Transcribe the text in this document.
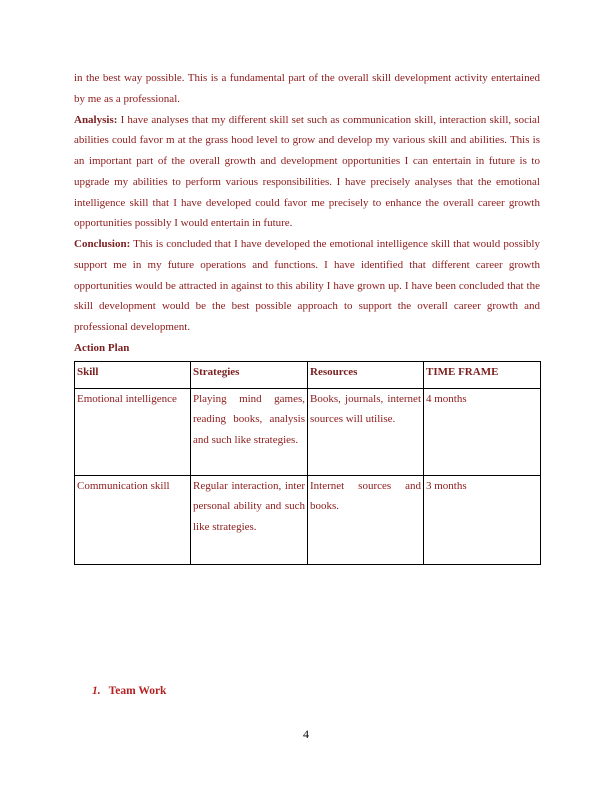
in the best way possible. This is a fundamental part of the overall skill development activity entertained by me as a professional.

Analysis: I have analyses that my different skill set such as communication skill, interaction skill, social abilities could favor m at the grass hood level to grow and develop my various skill and abilities. This is an important part of the overall growth and development opportunities I can entertain in future is to upgrade my abilities to perform various responsibilities. I have precisely analyses that the emotional intelligence skill that I have developed could favor me precisely to enhance the overall career growth opportunities possibly I would entertain in future.

Conclusion: This is concluded that I have developed the emotional intelligence skill that would possibly support me in my future operations and functions. I have identified that different career growth opportunities would be attracted in against to this ability I have grown up. I have been concluded that the skill development would be the best possible approach to support the overall career growth and professional development.

Action Plan
Skill	Strategies	Resources	TIME FRAME
Emotional intelligence	Playing mind games, reading books, analysis and such like strategies.	Books, journals, internet sources will utilise.	4 months
Communication skill	Regular interaction, inter personal ability and such like strategies.	Internet sources and books.	3 months
1. Team Work
4
